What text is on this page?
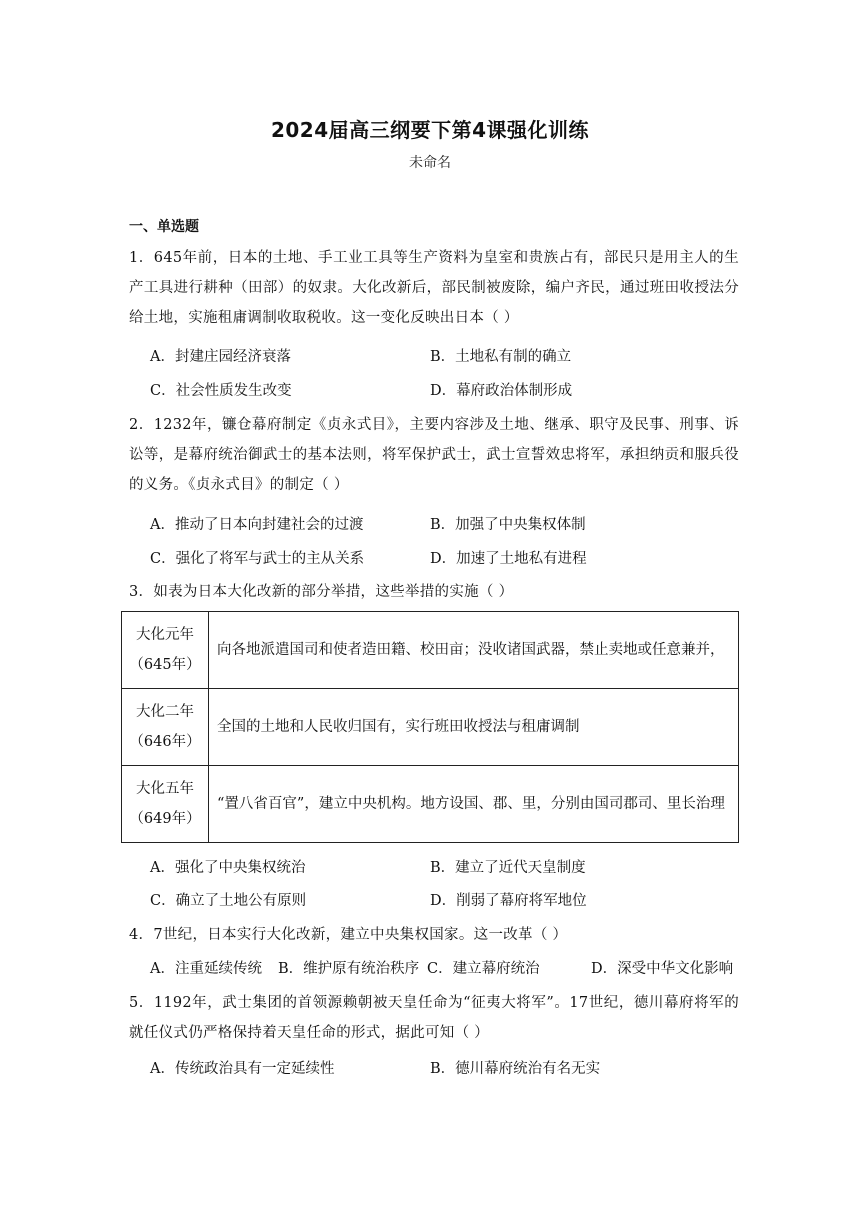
2024届高三纲要下第4课强化训练
未命名
一、单选题

1．645年前，日本的土地、手工业工具等生产资料为皇室和贵族占有，部民只是用主人的生产工具进行耕种（田部）的奴隶。大化改新后，部民制被废除，编户齐民，通过班田收授法分给土地，实施租庸调制收取税收。这一变化反映出日本（ ）

A．封建庄园经济衰落	B．土地私有制的确立
C．社会性质发生改变	D．幕府政治体制形成

2．1232年，镰仓幕府制定《贞永式目》，主要内容涉及土地、继承、职守及民事、刑事、诉讼等，是幕府统治御武士的基本法则，将军保护武士，武士宣誓效忠将军，承担纳贡和服兵役的义务。《贞永式目》的制定（ ）

A．推动了日本向封建社会的过渡	B．加强了中央集权体制
C．强化了将军与武士的主从关系	D．加速了土地私有进程

3．如表为日本大化改新的部分举措，这些举措的实施（ ）

大化元年
（645年）	向各地派遣国司和使者造田籍、校田亩；没收诸国武器，禁止卖地或任意兼并，

大化二年
（646年）	全国的土地和人民收归国有，实行班田收授法与租庸调制

大化五年
（649年）	“置八省百官”，建立中央机构。地方设国、郡、里，分别由国司郡司、里长治理
A．强化了中央集权统治	B．建立了近代天皇制度
C．确立了土地公有原则	D．削弱了幕府将军地位

4．7世纪，日本实行大化改新，建立中央集权国家。这一改革（ ）

A．注重延续传统 B．维护原有统治秩序 C．建立幕府统治	D．深受中华文化影响

5．1192年，武士集团的首领源赖朝被天皇任命为“征夷大将军”。17世纪，德川幕府将军的就任仪式仍严格保持着天皇任命的形式，据此可知（ ）

A．传统政治具有一定延续性	B．德川幕府统治有名无实
